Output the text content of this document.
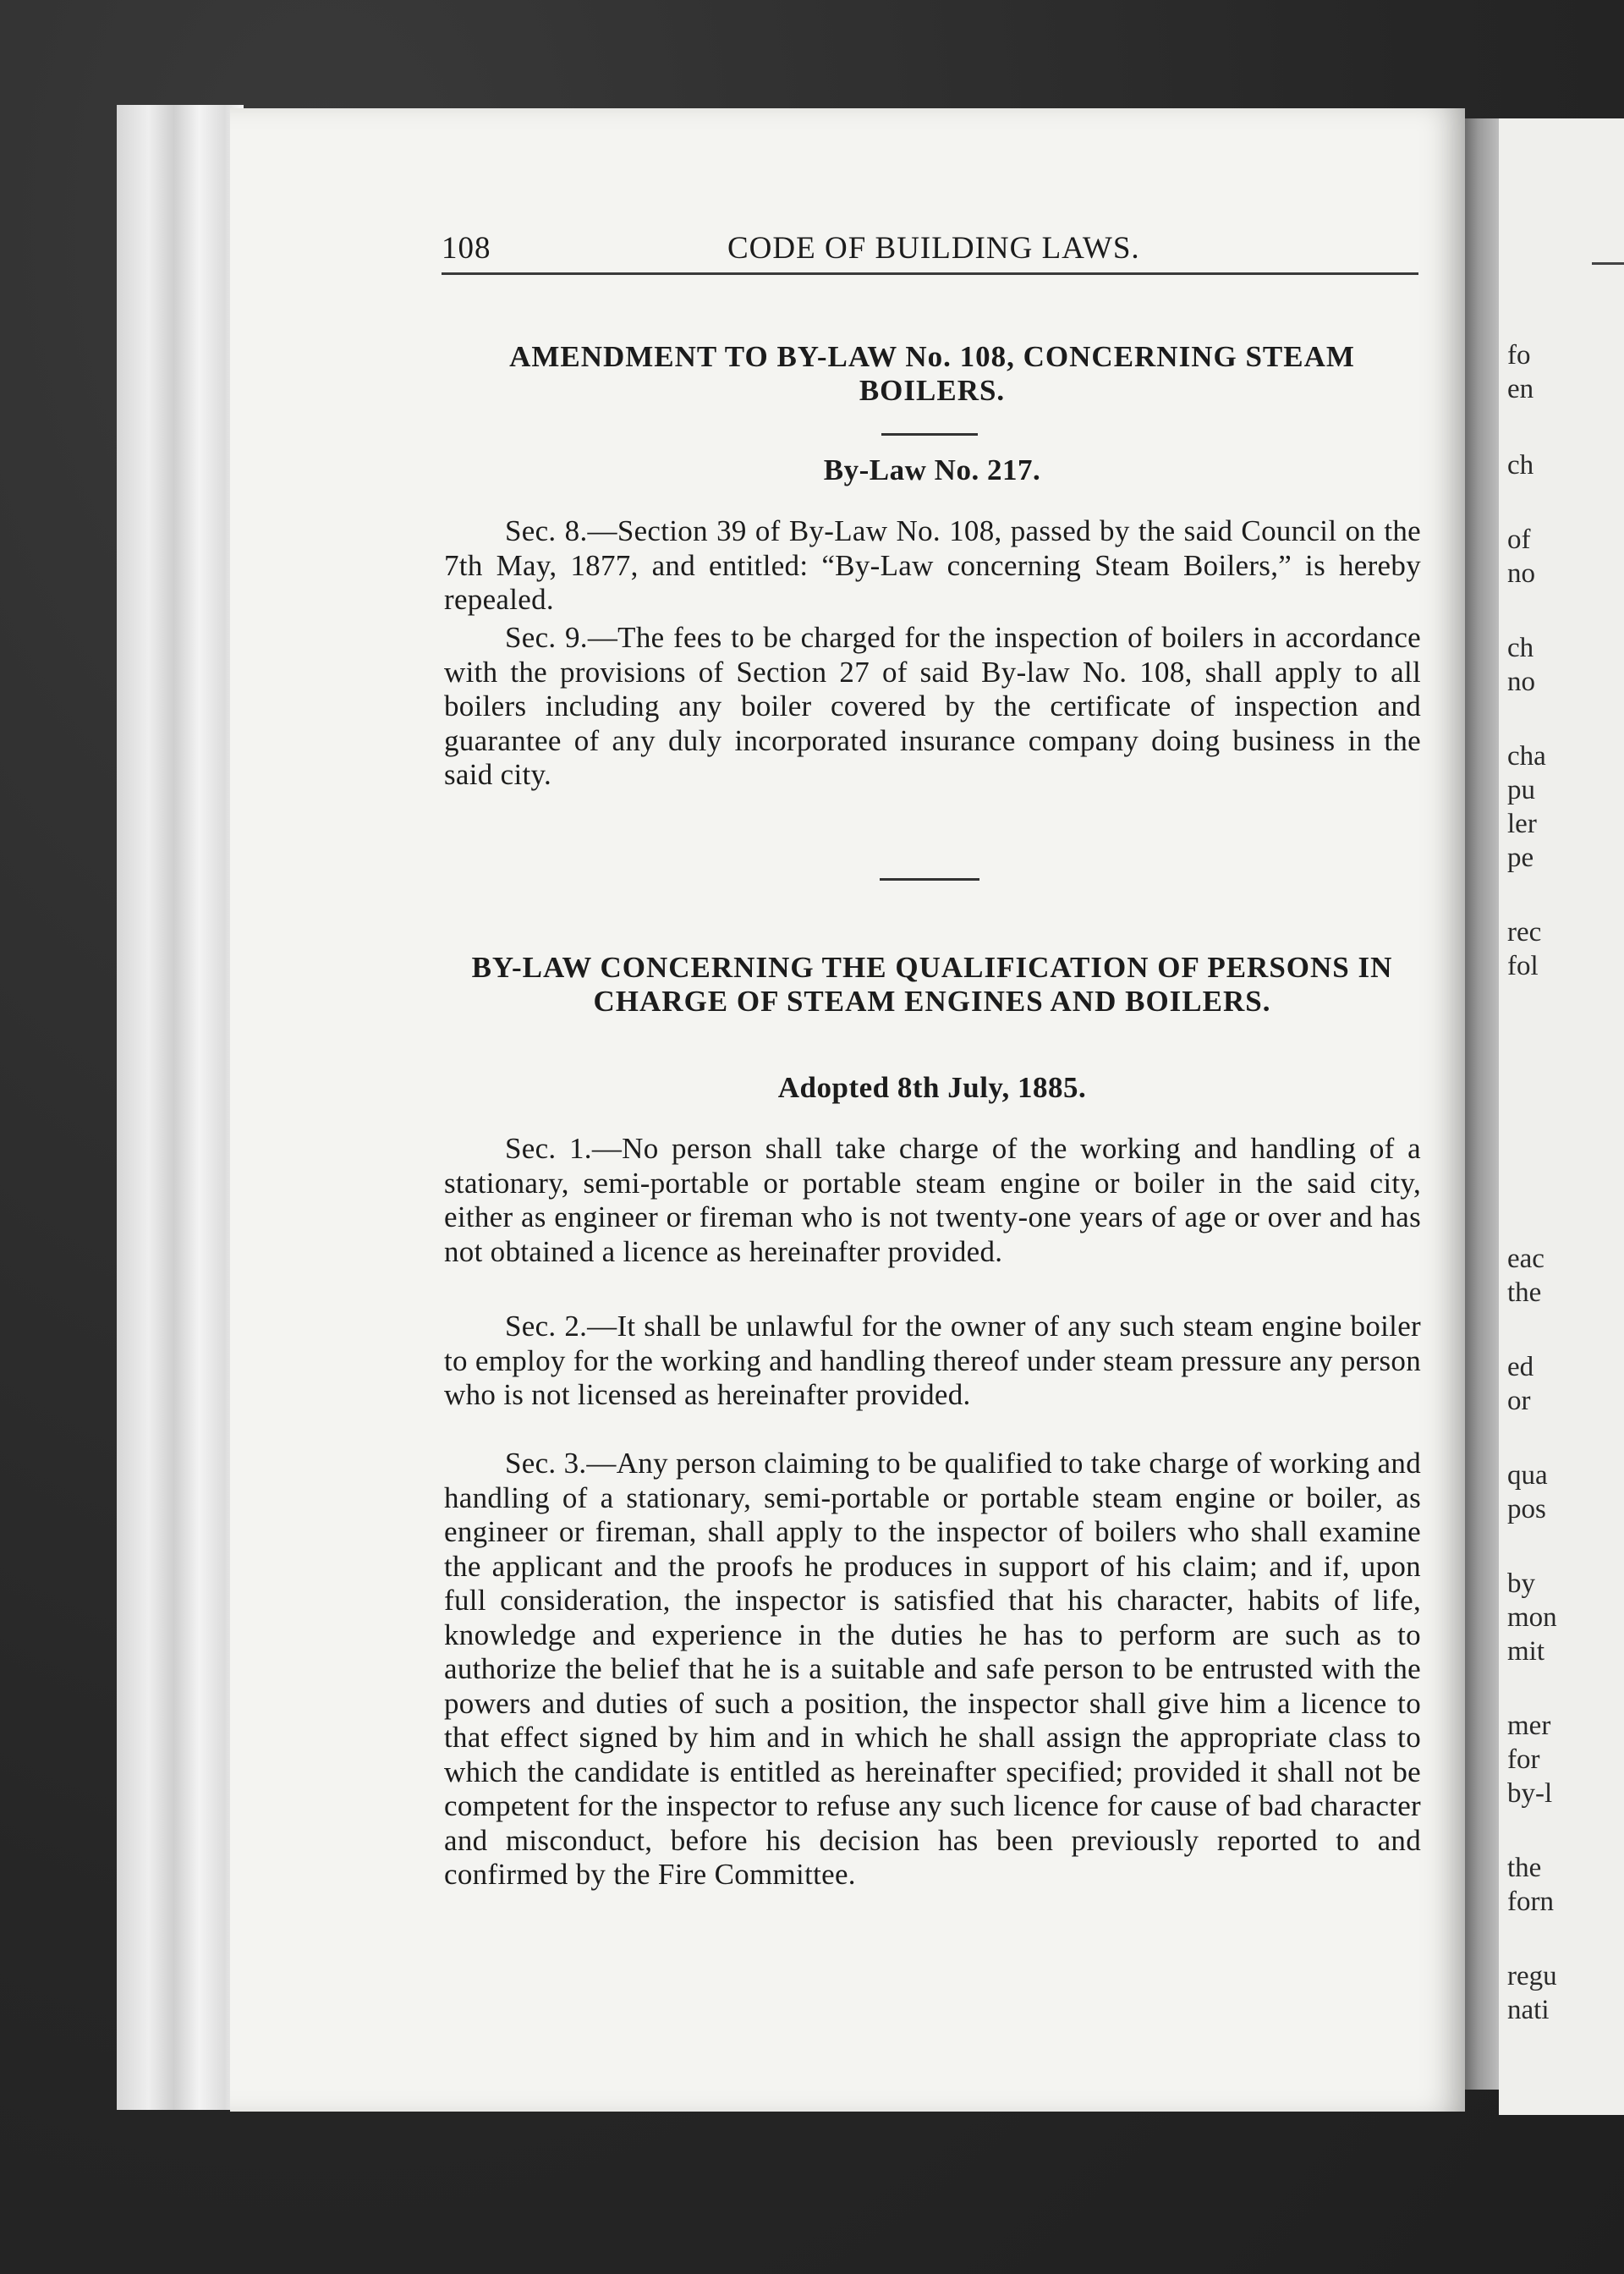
fo
en
ch
of
no
ch
no
cha
pu
ler
pe
rec
fol
eac
the
ed
or
qua
pos
by
mon
mit
mer
for
by-l
the
forn
regu
nati
108	CODE OF BUILDING LAWS.
AMENDMENT TO BY-LAW No. 108, CONCERNING STEAM BOILERS.
By-Law No. 217.
Sec. 8.—Section 39 of By-Law No. 108, passed by the said Council on the 7th May, 1877, and entitled: “By-Law concerning Steam Boilers,” is hereby repealed.
Sec. 9.—The fees to be charged for the inspection of boilers in accordance with the provisions of Section 27 of said By-law No. 108, shall apply to all boilers including any boiler covered by the certificate of inspection and guarantee of any duly incorporated insurance company doing business in the said city.
BY-LAW CONCERNING THE QUALIFICATION OF PERSONS IN CHARGE OF STEAM ENGINES AND BOILERS.
Adopted 8th July, 1885.
Sec. 1.—No person shall take charge of the working and handling of a stationary, semi-portable or portable steam engine or boiler in the said city, either as engineer or fireman who is not twenty-one years of age or over and has not obtained a licence as hereinafter provided.
Sec. 2.—It shall be unlawful for the owner of any such steam engine boiler to employ for the working and handling thereof under steam pressure any person who is not licensed as hereinafter provided.
Sec. 3.—Any person claiming to be qualified to take charge of working and handling of a stationary, semi-portable or portable steam engine or boiler, as engineer or fireman, shall apply to the inspector of boilers who shall examine the applicant and the proofs he produces in support of his claim; and if, upon full consideration, the inspector is satisfied that his character, habits of life, knowledge and experience in the duties he has to perform are such as to authorize the belief that he is a suitable and safe person to be entrusted with the powers and duties of such a position, the inspector shall give him a licence to that effect signed by him and in which he shall assign the appropriate class to which the candidate is entitled as hereinafter specified; provided it shall not be competent for the inspector to refuse any such licence for cause of bad character and misconduct, before his decision has been previously reported to and confirmed by the Fire Committee.
